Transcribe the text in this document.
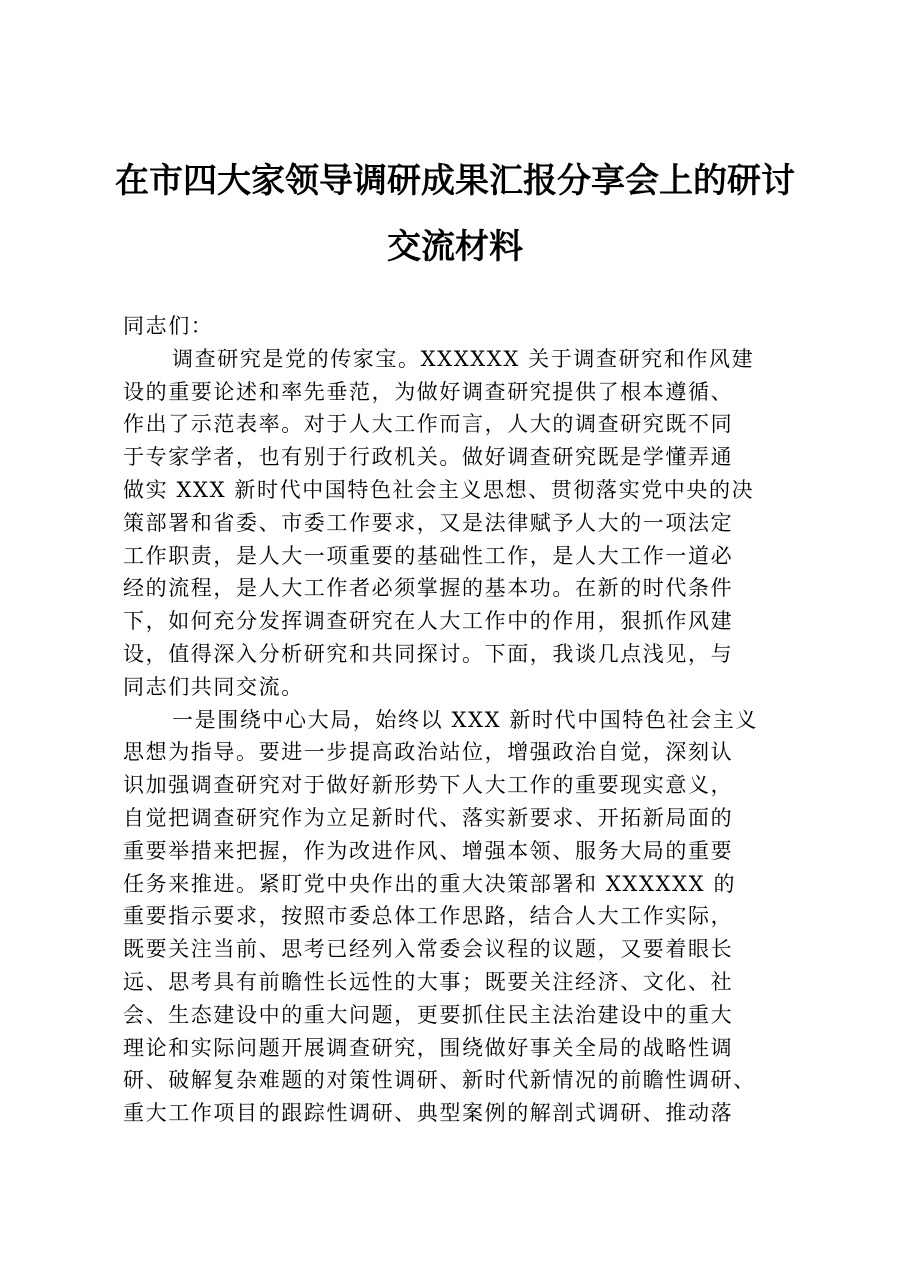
在市四大家领导调研成果汇报分享会上的研讨
交流材料
同志们：
调查研究是党的传家宝。XXXXXX 关于调查研究和作风建
设的重要论述和率先垂范，为做好调查研究提供了根本遵循、
作出了示范表率。对于人大工作而言，人大的调查研究既不同
于专家学者，也有别于行政机关。做好调查研究既是学懂弄通
做实 XXX 新时代中国特色社会主义思想、贯彻落实党中央的决
策部署和省委、市委工作要求，又是法律赋予人大的一项法定
工作职责，是人大一项重要的基础性工作，是人大工作一道必
经的流程，是人大工作者必须掌握的基本功。在新的时代条件
下，如何充分发挥调查研究在人大工作中的作用，狠抓作风建
设，值得深入分析研究和共同探讨。下面，我谈几点浅见，与
同志们共同交流。
一是围绕中心大局，始终以 XXX 新时代中国特色社会主义
思想为指导。要进一步提高政治站位，增强政治自觉，深刻认
识加强调查研究对于做好新形势下人大工作的重要现实意义，
自觉把调查研究作为立足新时代、落实新要求、开拓新局面的
重要举措来把握，作为改进作风、增强本领、服务大局的重要
任务来推进。紧盯党中央作出的重大决策部署和 XXXXXX 的
重要指示要求，按照市委总体工作思路，结合人大工作实际，
既要关注当前、思考已经列入常委会议程的议题，又要着眼长
远、思考具有前瞻性长远性的大事；既要关注经济、文化、社
会、生态建设中的重大问题，更要抓住民主法治建设中的重大
理论和实际问题开展调查研究，围绕做好事关全局的战略性调
研、破解复杂难题的对策性调研、新时代新情况的前瞻性调研、
重大工作项目的跟踪性调研、典型案例的解剖式调研、推动落
